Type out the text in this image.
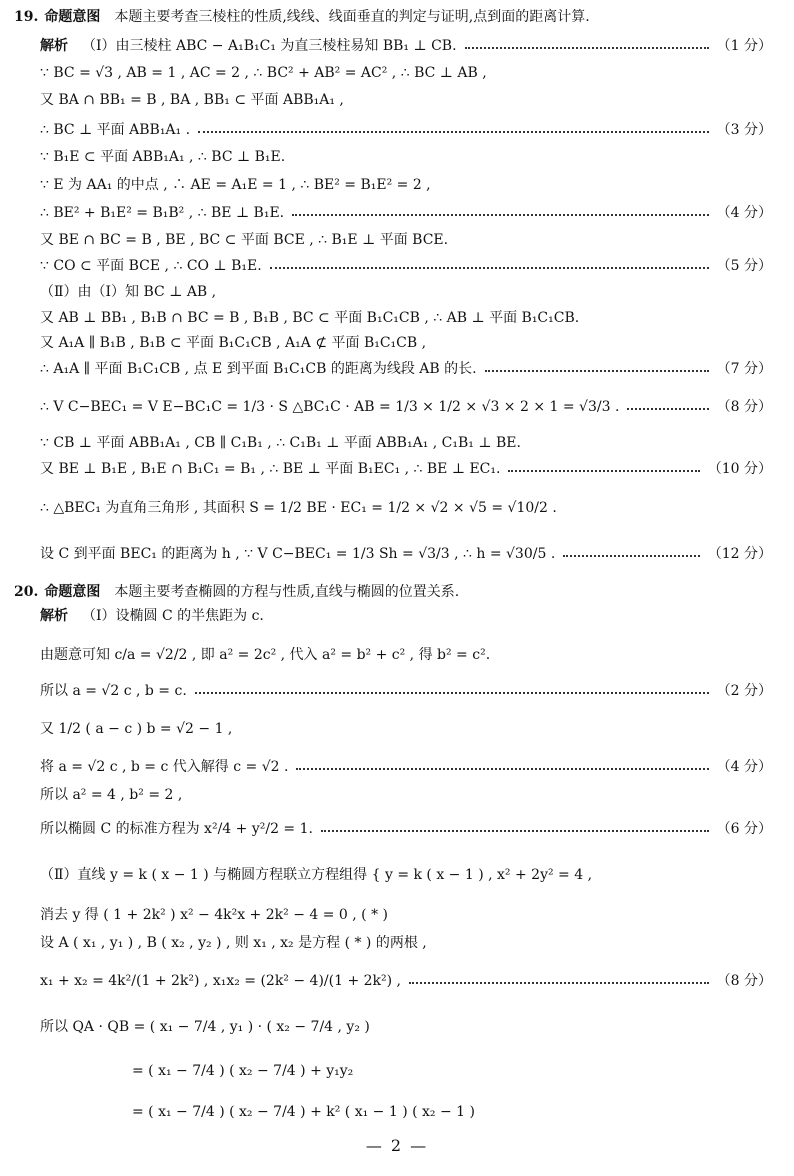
19. 命题意图 本题主要考查三棱柱的性质,线线、线面垂直的判定与证明,点到面的距离计算.
解析 （Ⅰ）由三棱柱 ABC − A₁B₁C₁ 为直三棱柱易知 BB₁ ⊥ CB.	（1 分）
∵ BC = √3 , AB = 1 , AC = 2 , ∴ BC² + AB² = AC² , ∴ BC ⊥ AB ,
又 BA ∩ BB₁ = B , BA , BB₁ ⊂ 平面 ABB₁A₁ ,
∴ BC ⊥ 平面 ABB₁A₁ .	（3 分）
∵ B₁E ⊂ 平面 ABB₁A₁ , ∴ BC ⊥ B₁E.
∵ E 为 AA₁ 的中点 , ∴ AE = A₁E = 1 , ∴ BE² = B₁E² = 2 ,
∴ BE² + B₁E² = B₁B² , ∴ BE ⊥ B₁E.	（4 分）
又 BE ∩ BC = B , BE , BC ⊂ 平面 BCE , ∴ B₁E ⊥ 平面 BCE.
∵ CO ⊂ 平面 BCE , ∴ CO ⊥ B₁E.	（5 分）
（Ⅱ）由（Ⅰ）知 BC ⊥ AB ,
又 AB ⊥ BB₁ , B₁B ∩ BC = B , B₁B , BC ⊂ 平面 B₁C₁CB , ∴ AB ⊥ 平面 B₁C₁CB.
又 A₁A ∥ B₁B , B₁B ⊂ 平面 B₁C₁CB , A₁A ⊄ 平面 B₁C₁CB ,
∴ A₁A ∥ 平面 B₁C₁CB , 点 E 到平面 B₁C₁CB 的距离为线段 AB 的长.	（7 分）
∴ V C−BEC₁ = V E−BC₁C = 1/3 · S △BC₁C · AB = 1/3 × 1/2 × √3 × 2 × 1 = √3/3 .	（8 分）
∵ CB ⊥ 平面 ABB₁A₁ , CB ∥ C₁B₁ , ∴ C₁B₁ ⊥ 平面 ABB₁A₁ , C₁B₁ ⊥ BE.
又 BE ⊥ B₁E , B₁E ∩ B₁C₁ = B₁ , ∴ BE ⊥ 平面 B₁EC₁ , ∴ BE ⊥ EC₁.	（10 分）
∴ △BEC₁ 为直角三角形 , 其面积 S = 1/2 BE · EC₁ = 1/2 × √2 × √5 = √10/2 .
设 C 到平面 BEC₁ 的距离为 h , ∵ V C−BEC₁ = 1/3 Sh = √3/3 , ∴ h = √30/5 .	（12 分）
20. 命题意图 本题主要考查椭圆的方程与性质,直线与椭圆的位置关系.
解析 （Ⅰ）设椭圆 C 的半焦距为 c.
由题意可知 c/a = √2/2 , 即 a² = 2c² , 代入 a² = b² + c² , 得 b² = c².
所以 a = √2 c , b = c.	（2 分）
又 1/2 ( a − c ) b = √2 − 1 ,
将 a = √2 c , b = c 代入解得 c = √2 .	（4 分）
所以 a² = 4 , b² = 2 ,
所以椭圆 C 的标准方程为 x²/4 + y²/2 = 1.	（6 分）
（Ⅱ）直线 y = k ( x − 1 ) 与椭圆方程联立方程组得 { y = k ( x − 1 ) , x² + 2y² = 4 ,
消去 y 得 ( 1 + 2k² ) x² − 4k²x + 2k² − 4 = 0 , ( * )
设 A ( x₁ , y₁ ) , B ( x₂ , y₂ ) , 则 x₁ , x₂ 是方程 ( * ) 的两根 ,
x₁ + x₂ = 4k²/(1 + 2k²) , x₁x₂ = (2k² − 4)/(1 + 2k²) ,	（8 分）
所以 QA · QB = ( x₁ − 7/4 , y₁ ) · ( x₂ − 7/4 , y₂ )
= ( x₁ − 7/4 ) ( x₂ − 7/4 ) + y₁y₂
= ( x₁ − 7/4 ) ( x₂ − 7/4 ) + k² ( x₁ − 1 ) ( x₂ − 1 )
— 2 —
